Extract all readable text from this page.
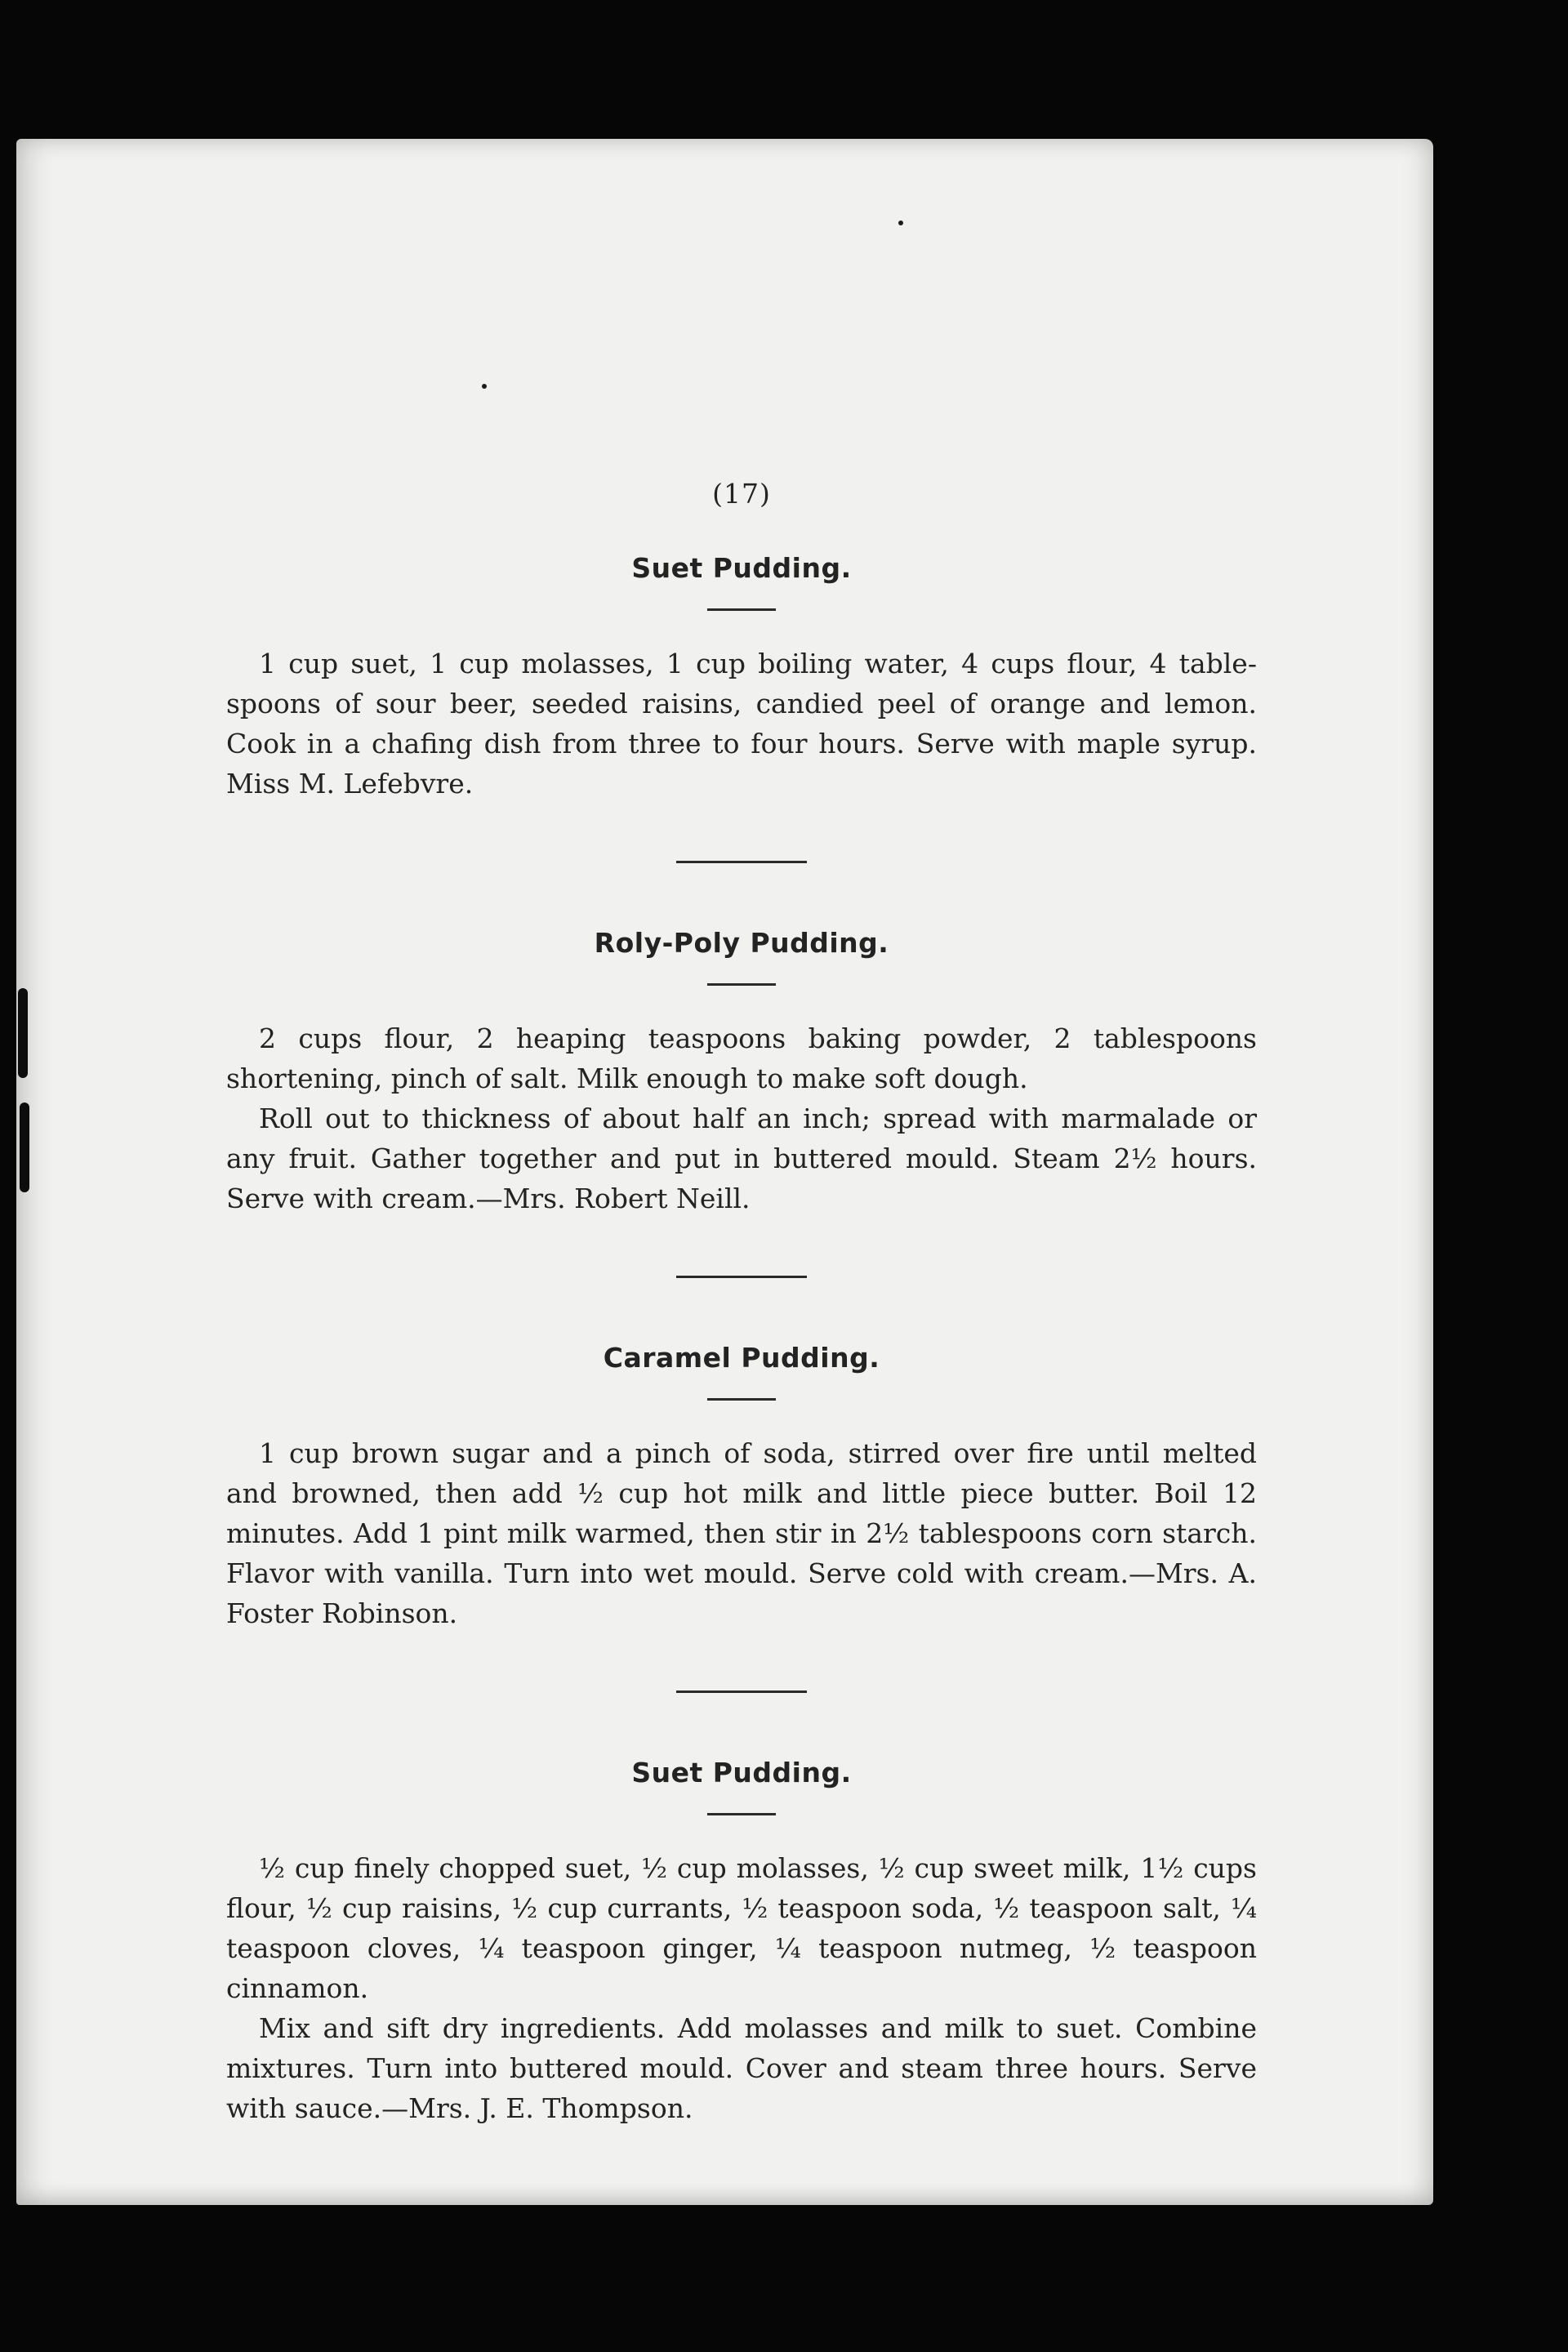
(17)

Suet Pudding.

1 cup suet, 1 cup molasses, 1 cup boiling water, 4 cups flour, 4 tablespoons of sour beer, seeded raisins, candied peel of orange and lemon. Cook in a chafing dish from three to four hours. Serve with maple syrup. Miss M. Lefebvre.

Roly-Poly Pudding.

2 cups flour, 2 heaping teaspoons baking powder, 2 tablespoons shortening, pinch of salt. Milk enough to make soft dough.

Roll out to thickness of about half an inch; spread with marmalade or any fruit. Gather together and put in buttered mould. Steam 2½ hours. Serve with cream.—Mrs. Robert Neill.

Caramel Pudding.

1 cup brown sugar and a pinch of soda, stirred over fire until melted and browned, then add ½ cup hot milk and little piece butter. Boil 12 minutes. Add 1 pint milk warmed, then stir in 2½ tablespoons corn starch. Flavor with vanilla. Turn into wet mould. Serve cold with cream.—Mrs. A. Foster Robinson.

Suet Pudding.

½ cup finely chopped suet, ½ cup molasses, ½ cup sweet milk, 1½ cups flour, ½ cup raisins, ½ cup currants, ½ teaspoon soda, ½ teaspoon salt, ¼ teaspoon cloves, ¼ teaspoon ginger, ¼ teaspoon nutmeg, ½ teaspoon cinnamon.

Mix and sift dry ingredients. Add molasses and milk to suet. Combine mixtures. Turn into buttered mould. Cover and steam three hours. Serve with sauce.—Mrs. J. E. Thompson.
